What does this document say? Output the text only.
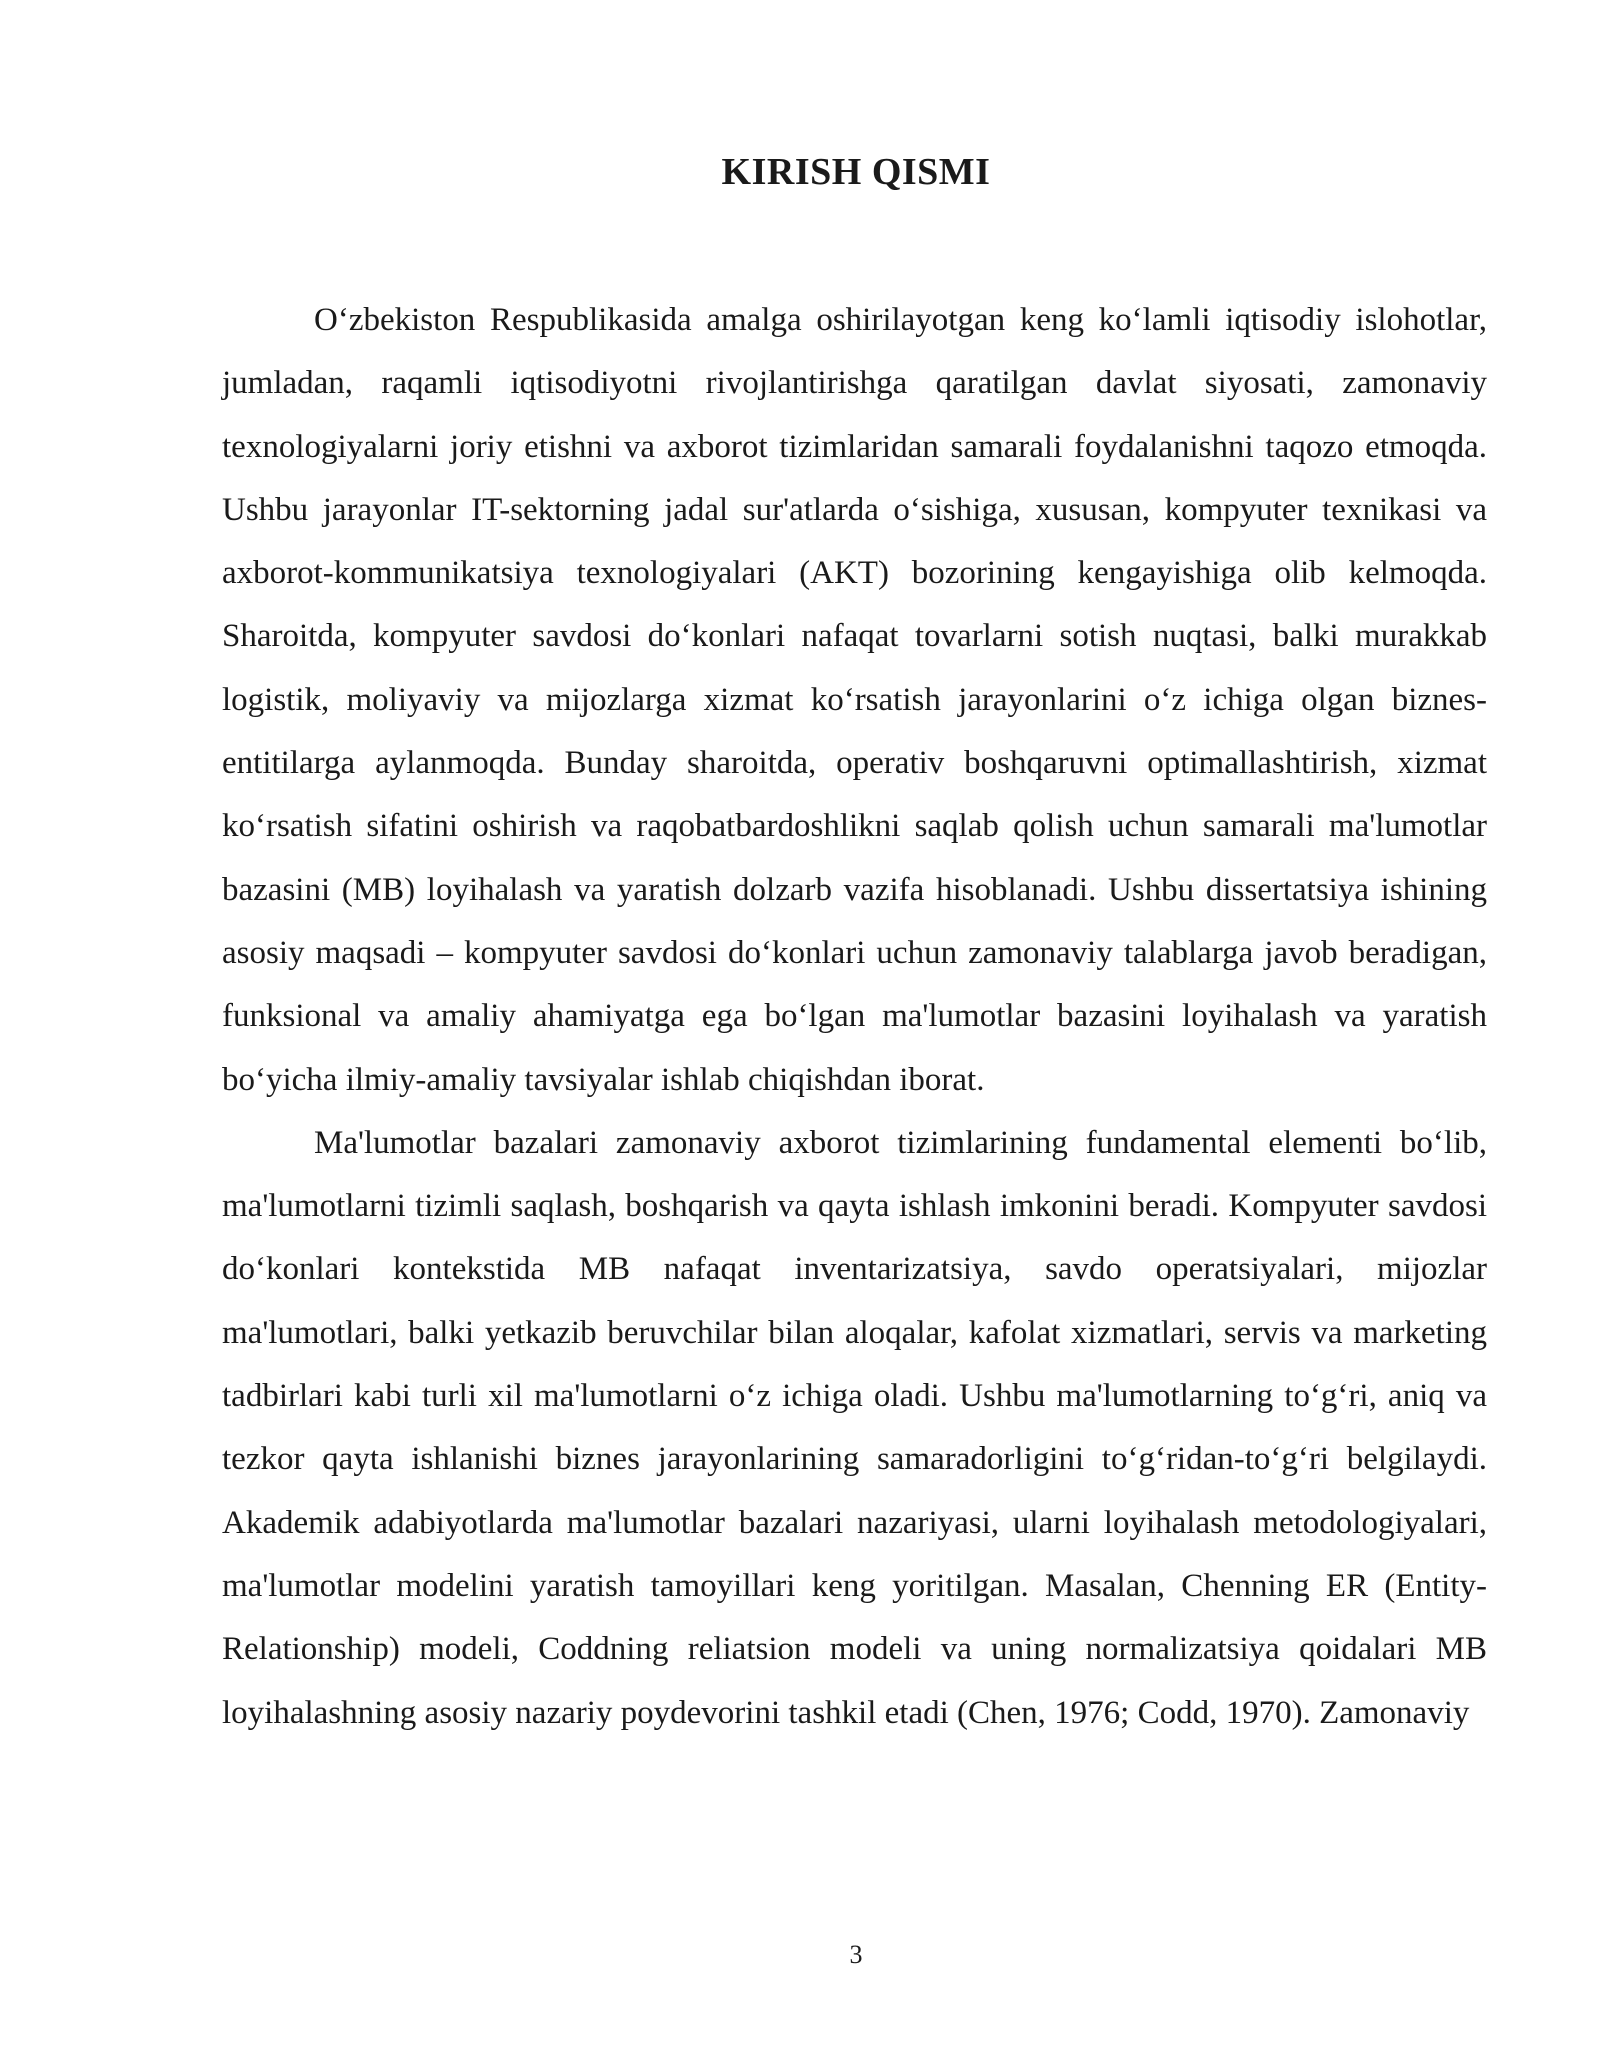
KIRISH QISMI

O‘zbekiston Respublikasida amalga oshirilayotgan keng ko‘lamli iqtisodiy islohotlar, jumladan, raqamli iqtisodiyotni rivojlantirishga qaratilgan davlat siyosati, zamonaviy texnologiyalarni joriy etishni va axborot tizimlaridan samarali foydalanishni taqozo etmoqda. Ushbu jarayonlar IT-sektorning jadal sur'atlarda o‘sishiga, xususan, kompyuter texnikasi va axborot-kommunikatsiya texnologiyalari (AKT) bozorining kengayishiga olib kelmoqda. Sharoitda, kompyuter savdosi do‘konlari nafaqat tovarlarni sotish nuqtasi, balki murakkab logistik, moliyaviy va mijozlarga xizmat ko‘rsatish jarayonlarini o‘z ichiga olgan biznes-entitilarga aylanmoqda. Bunday sharoitda, operativ boshqaruvni optimallashtirish, xizmat ko‘rsatish sifatini oshirish va raqobatbardoshlikni saqlab qolish uchun samarali ma'lumotlar bazasini (MB) loyihalash va yaratish dolzarb vazifa hisoblanadi. Ushbu dissertatsiya ishining asosiy maqsadi – kompyuter savdosi do‘konlari uchun zamonaviy talablarga javob beradigan, funksional va amaliy ahamiyatga ega bo‘lgan ma'lumotlar bazasini loyihalash va yaratish bo‘yicha ilmiy-amaliy tavsiyalar ishlab chiqishdan iborat.

Ma'lumotlar bazalari zamonaviy axborot tizimlarining fundamental elementi bo‘lib, ma'lumotlarni tizimli saqlash, boshqarish va qayta ishlash imkonini beradi. Kompyuter savdosi do‘konlari kontekstida MB nafaqat inventarizatsiya, savdo operatsiyalari, mijozlar ma'lumotlari, balki yetkazib beruvchilar bilan aloqalar, kafolat xizmatlari, servis va marketing tadbirlari kabi turli xil ma'lumotlarni o‘z ichiga oladi. Ushbu ma'lumotlarning to‘g‘ri, aniq va tezkor qayta ishlanishi biznes jarayonlarining samaradorligini to‘g‘ridan-to‘g‘ri belgilaydi. Akademik adabiyotlarda ma'lumotlar bazalari nazariyasi, ularni loyihalash metodologiyalari, ma'lumotlar modelini yaratish tamoyillari keng yoritilgan. Masalan, Chenning ER (Entity-Relationship) modeli, Coddning reliatsion modeli va uning normalizatsiya qoidalari MB loyihalashning asosiy nazariy poydevorini tashkil etadi (Chen, 1976; Codd, 1970). Zamonaviy

3
